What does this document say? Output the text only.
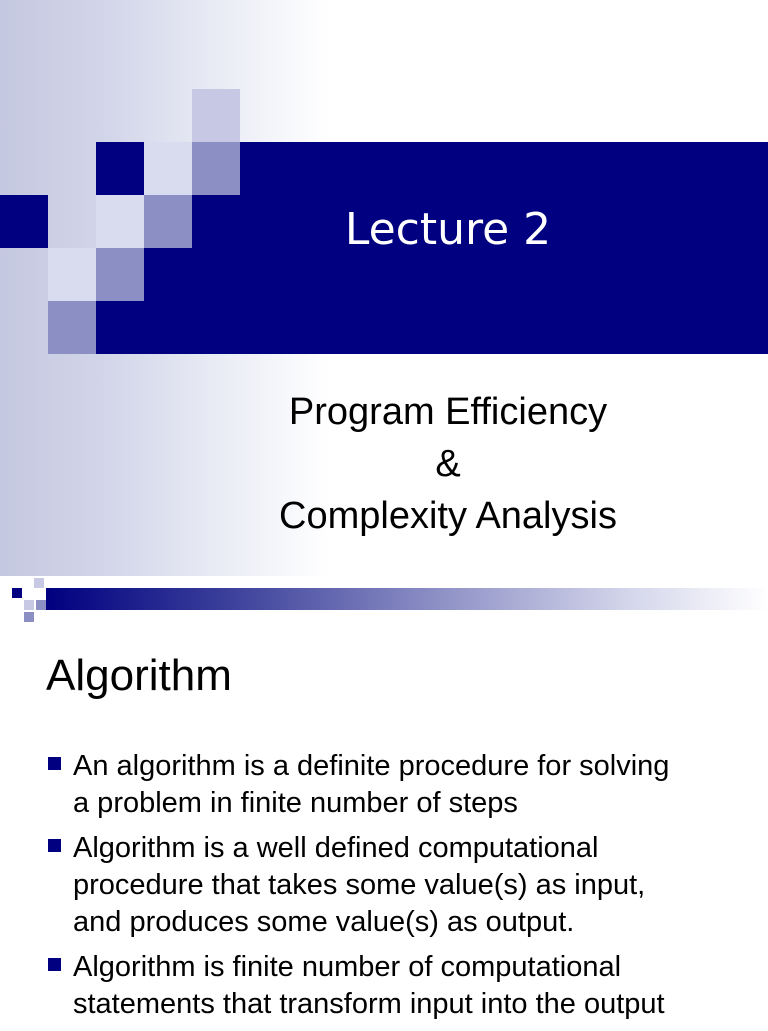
Lecture 2
Program Efficiency
&
Complexity Analysis
Algorithm
An algorithm is a definite procedure for solving
a problem in finite number of steps
Algorithm is a well defined computational
procedure that takes some value(s) as input,
and produces some value(s) as output.
Algorithm is finite number of computational
statements that transform input into the output
